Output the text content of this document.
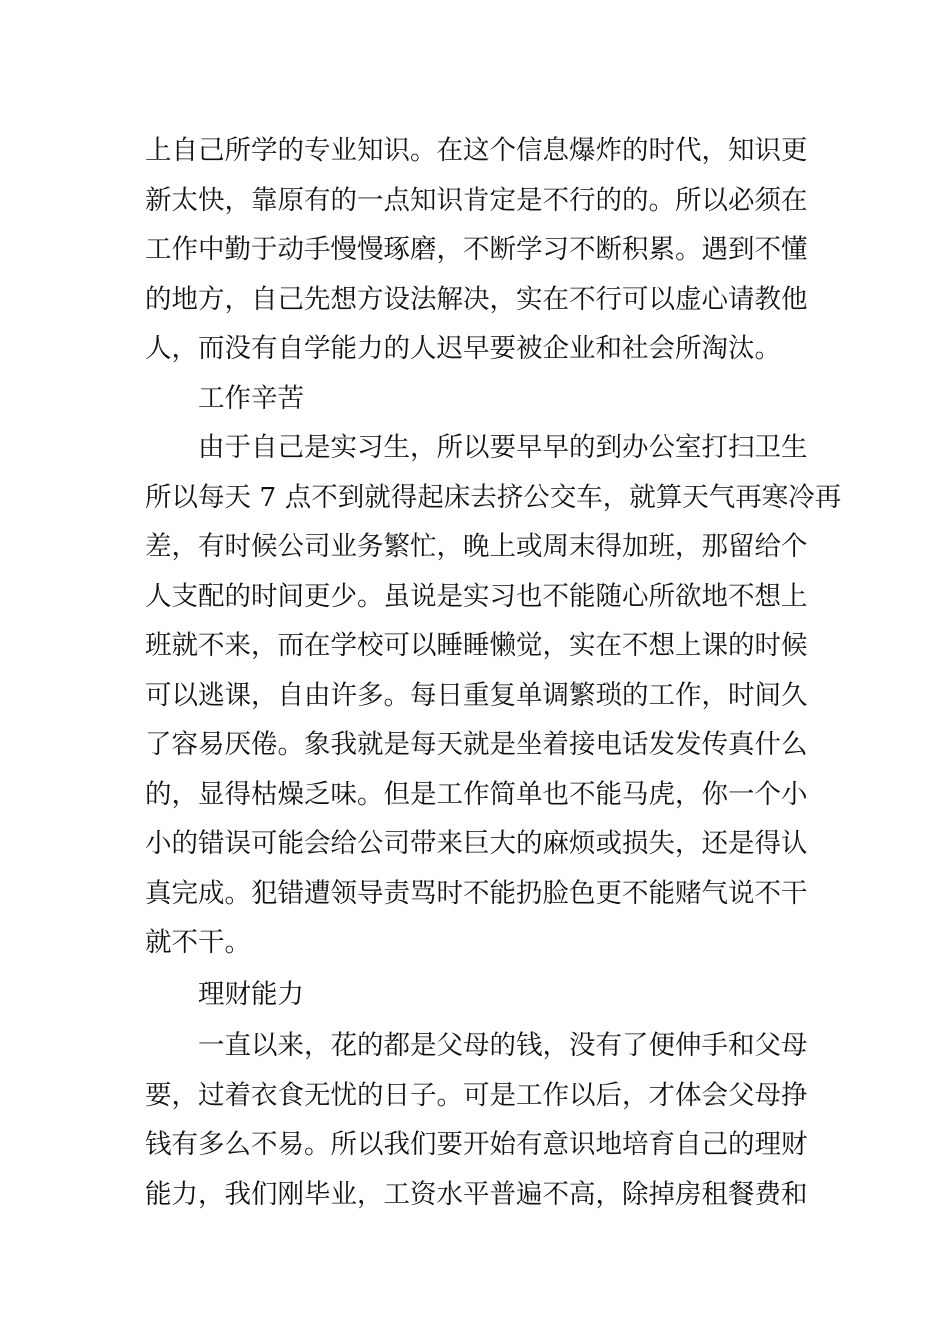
上自己所学的专业知识。在这个信息爆炸的时代，知识更
新太快，靠原有的一点知识肯定是不行的的。所以必须在
工作中勤于动手慢慢琢磨，不断学习不断积累。遇到不懂
的地方，自己先想方设法解决，实在不行可以虚心请教他
人，而没有自学能力的人迟早要被企业和社会所淘汰。
工作辛苦
由于自己是实习生，所以要早早的到办公室打扫卫生
所以每天 7 点不到就得起床去挤公交车，就算天气再寒冷再
差，有时候公司业务繁忙，晚上或周末得加班，那留给个
人支配的时间更少。虽说是实习也不能随心所欲地不想上
班就不来，而在学校可以睡睡懒觉，实在不想上课的时候
可以逃课，自由许多。每日重复单调繁琐的工作，时间久
了容易厌倦。象我就是每天就是坐着接电话发发传真什么
的，显得枯燥乏味。但是工作简单也不能马虎，你一个小
小的错误可能会给公司带来巨大的麻烦或损失，还是得认
真完成。犯错遭领导责骂时不能扔脸色更不能赌气说不干
就不干。
理财能力
一直以来，花的都是父母的钱，没有了便伸手和父母
要，过着衣食无忧的日子。可是工作以后，才体会父母挣
钱有多么不易。所以我们要开始有意识地培育自己的理财
能力，我们刚毕业，工资水平普遍不高，除掉房租餐费和
